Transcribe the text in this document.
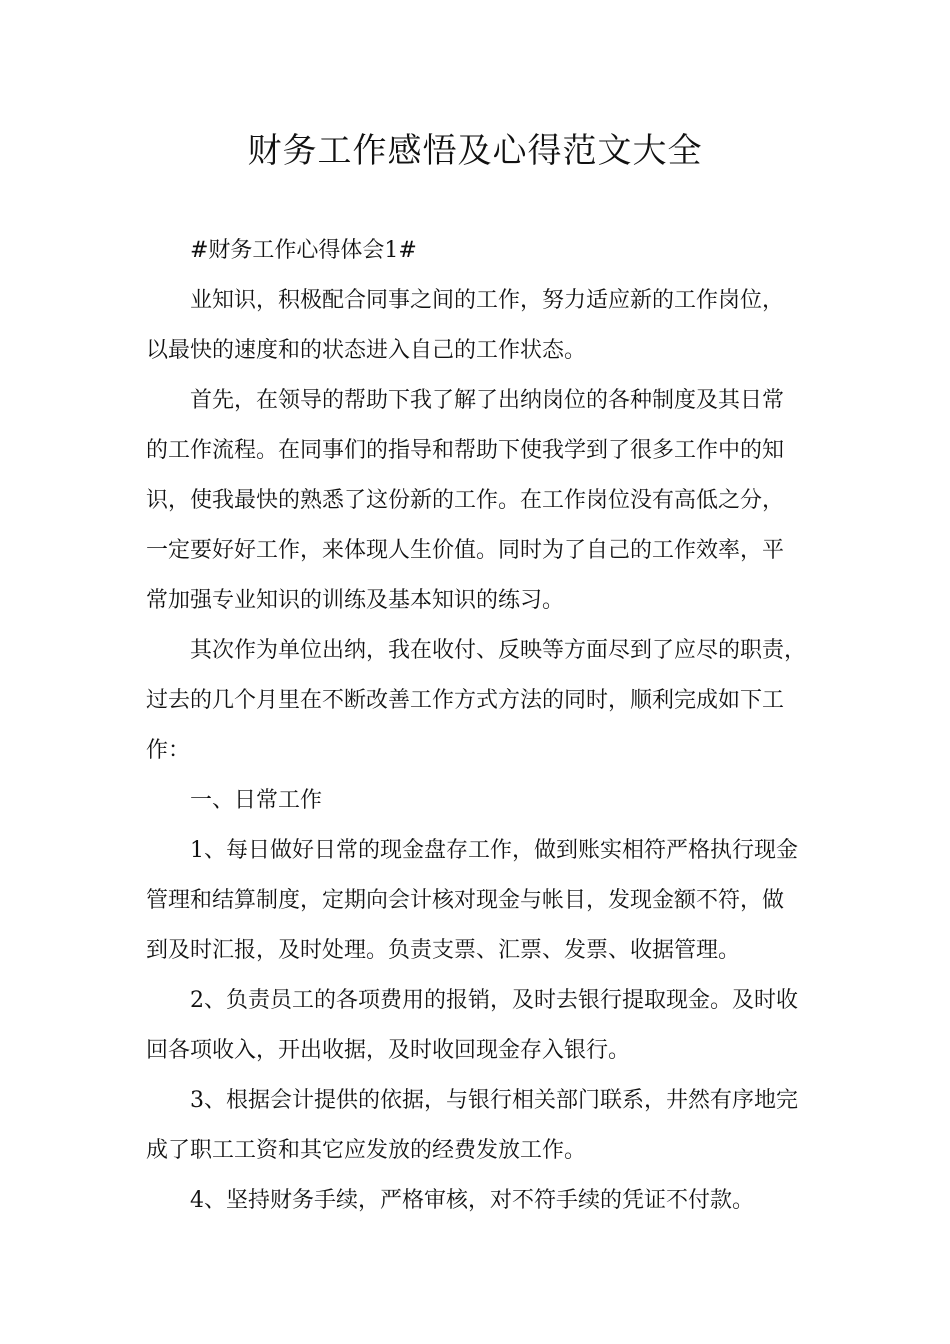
财务工作感悟及心得范文大全

#财务工作心得体会1#

业知识，积极配合同事之间的工作，努力适应新的工作岗位，
以最快的速度和的状态进入自己的工作状态。

首先，在领导的帮助下我了解了出纳岗位的各种制度及其日常
的工作流程。在同事们的指导和帮助下使我学到了很多工作中的知
识，使我最快的熟悉了这份新的工作。在工作岗位没有高低之分，
一定要好好工作，来体现人生价值。同时为了自己的工作效率，平
常加强专业知识的训练及基本知识的练习。

其次作为单位出纳，我在收付、反映等方面尽到了应尽的职责，
过去的几个月里在不断改善工作方式方法的同时，顺利完成如下工
作：

一、日常工作

1、每日做好日常的现金盘存工作，做到账实相符严格执行现金
管理和结算制度，定期向会计核对现金与帐目，发现金额不符，做
到及时汇报，及时处理。负责支票、汇票、发票、收据管理。

2、负责员工的各项费用的报销，及时去银行提取现金。及时收
回各项收入，开出收据，及时收回现金存入银行。

3、根据会计提供的依据，与银行相关部门联系，井然有序地完
成了职工工资和其它应发放的经费发放工作。

4、坚持财务手续，严格审核，对不符手续的凭证不付款。
